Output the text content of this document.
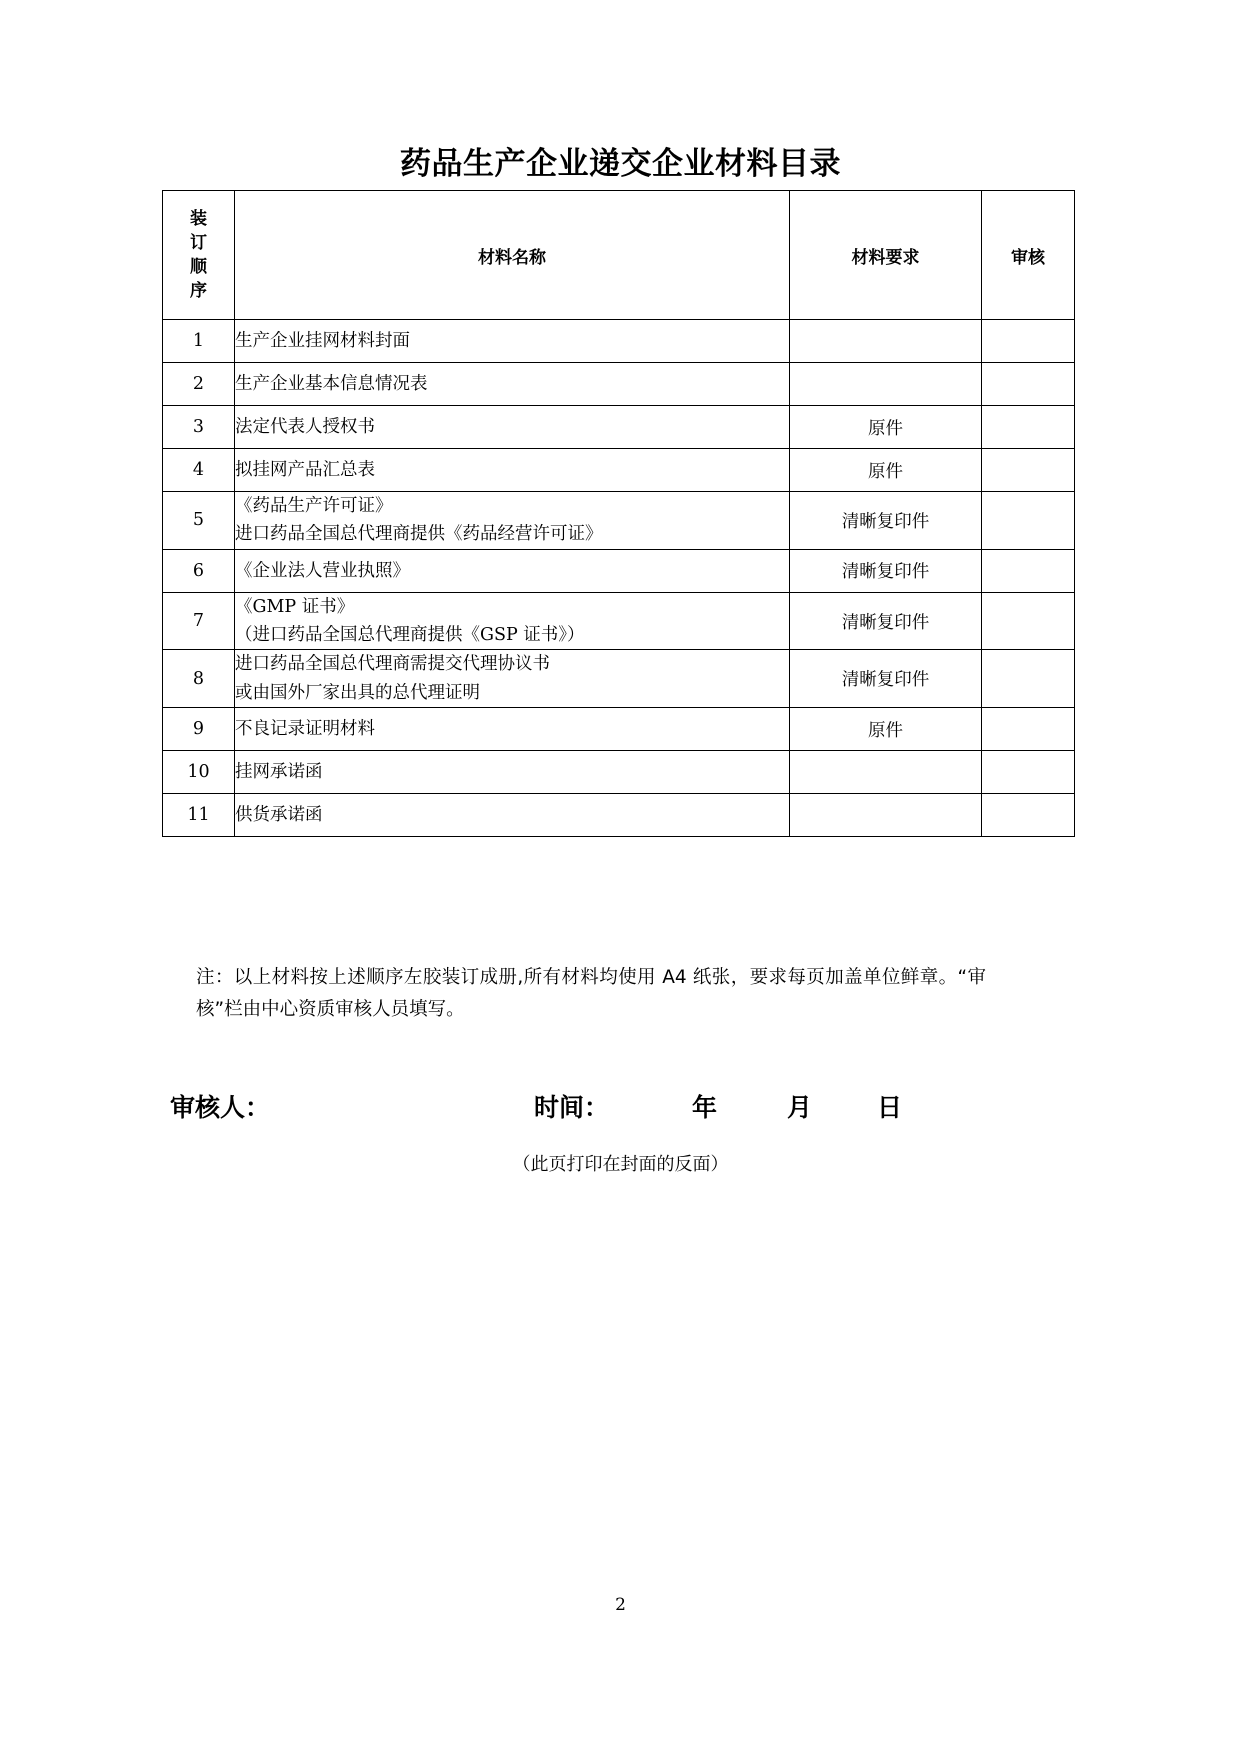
药品生产企业递交企业材料目录
装
订
顺
序	材料名称	材料要求	审核
1	生产企业挂网材料封面		

2	生产企业基本信息情况表		

3	法定代表人授权书	原件	
4	拟挂网产品汇总表	原件	
5	《药品生产许可证》
进口药品全国总代理商提供《药品经营许可证》	清晰复印件	
6	《企业法人营业执照》	清晰复印件	
7	《GMP 证书》
（进口药品全国总代理商提供《GSP 证书》）	清晰复印件	
8	进口药品全国总代理商需提交代理协议书
或由国外厂家出具的总代理证明	清晰复印件	
9	不良记录证明材料	原件	
10	挂网承诺函		

11	供货承诺函		

注：以上材料按上述顺序左胶装订成册,所有材料均使用 A4 纸张，要求每页加盖单位鲜章。“审核”栏由中心资质审核人员填写。
审核人：	时间：	年	月	日
（此页打印在封面的反面）
2
